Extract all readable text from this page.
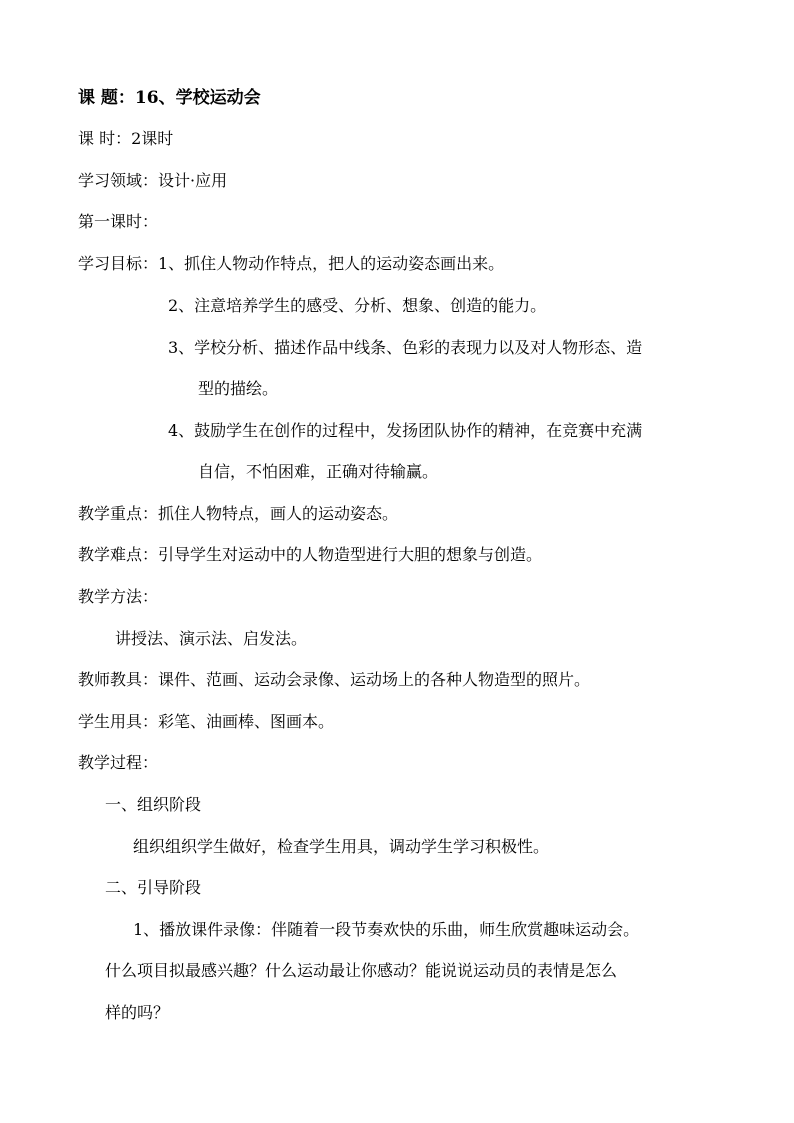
课 题：16、学校运动会
课 时：2课时
学习领域：设计·应用
第一课时：
学习目标：1、抓住人物动作特点，把人的运动姿态画出来。
2、注意培养学生的感受、分析、想象、创造的能力。
3、学校分析、描述作品中线条、色彩的表现力以及对人物形态、造
型的描绘。
4、鼓励学生在创作的过程中，发扬团队协作的精神，在竞赛中充满
自信，不怕困难，正确对待输赢。
教学重点：抓住人物特点，画人的运动姿态。
教学难点：引导学生对运动中的人物造型进行大胆的想象与创造。
教学方法：
讲授法、演示法、启发法。
教师教具：课件、范画、运动会录像、运动场上的各种人物造型的照片。
学生用具：彩笔、油画棒、图画本。
教学过程：
一、组织阶段
组织组织学生做好，检查学生用具，调动学生学习积极性。
二、引导阶段
1、播放课件录像：伴随着一段节奏欢快的乐曲，师生欣赏趣味运动会。
什么项目拟最感兴趣？什么运动最让你感动？能说说运动员的表情是怎么
样的吗？
